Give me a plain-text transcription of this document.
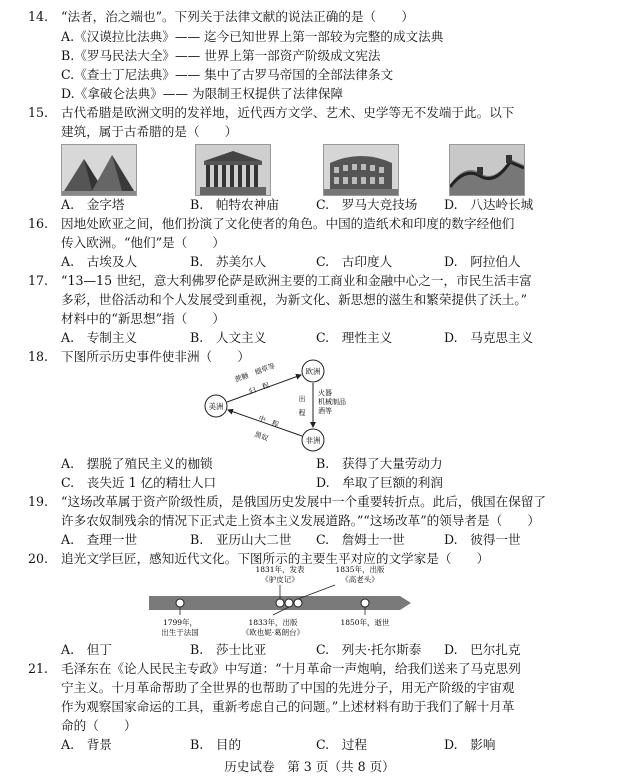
14. “法者，治之端也”。下列关于法律文献的说法正确的是（　　）
A.《汉谟拉比法典》—— 迄今已知世界上第一部较为完整的成文法典
B.《罗马民法大全》—— 世界上第一部资产阶级成文宪法
C.《查士丁尼法典》—— 集中了古罗马帝国的全部法律条文
D.《拿破仑法典》—— 为限制王权提供了法律保障
15. 古代希腊是欧洲文明的发祥地，近代西方文学、艺术、史学等无不发端于此。以下
建筑，属于古希腊的是（　　）
A.　金字塔	B.　帕特农神庙	C.　罗马大竞技场 D.　八达岭长城
16. 因地处欧亚之间，他们扮演了文化使者的角色。中国的造纸术和印度的数字经他们
传入欧洲。“他们”是（　　）
A.　古埃及人	B.　苏美尔人	C.　古印度人	D.　阿拉伯人
17. “13—15 世纪，意大利佛罗伦萨是欧洲主要的工商业和金融中心之一，市民生活丰富
多彩，世俗活动和个人发展受到重视，为新文化、新思想的滋生和繁荣提供了沃土。”
材料中的“新思想”指（　　）
A.　专制主义	B.　人文主义	C.　理性主义	D.　马克思主义
18. 下图所示历史事件使非洲（　　）
美洲
欧洲
非洲
蔗糖　烟草等
归　程
出　程
火器
机械制品
酒等
中　程
黑奴
A.　摆脱了殖民主义的枷锁	B.　获得了大量劳动力
C.　丧失近 1 亿的精壮人口	D.　牟取了巨额的利润
19. “这场改革属于资产阶级性质，是俄国历史发展中一个重要转折点。此后，俄国在保留了
许多农奴制残余的情况下正式走上资本主义发展道路。”“这场改革”的领导者是（　　）
A.　查理一世	B.　亚历山大二世 C.　詹姆士一世	D.　彼得一世
20. 追光文学巨匠，感知近代文化。下图所示的主要生平对应的文学家是（　　）
1831年，发表
《驴皮记》
1835年，出版
《高老头》
1799年，
出生于法国
1833年，出版
《欧也妮·葛朗台》
1850年，逝世
A.　但丁	B.　莎士比亚	C.　列夫·托尔斯泰 D.　巴尔扎克
21. 毛泽东在《论人民民主专政》中写道：“十月革命一声炮响，给我们送来了马克思列
宁主义。十月革命帮助了全世界的也帮助了中国的先进分子，用无产阶级的宇宙观
作为观察国家命运的工具，重新考虑自己的问题。”上述材料有助于我们了解十月革
命的（　　）
A.　背景	B.　目的	C.　过程	D.　影响
历史试卷　第 3 页（共 8 页）
